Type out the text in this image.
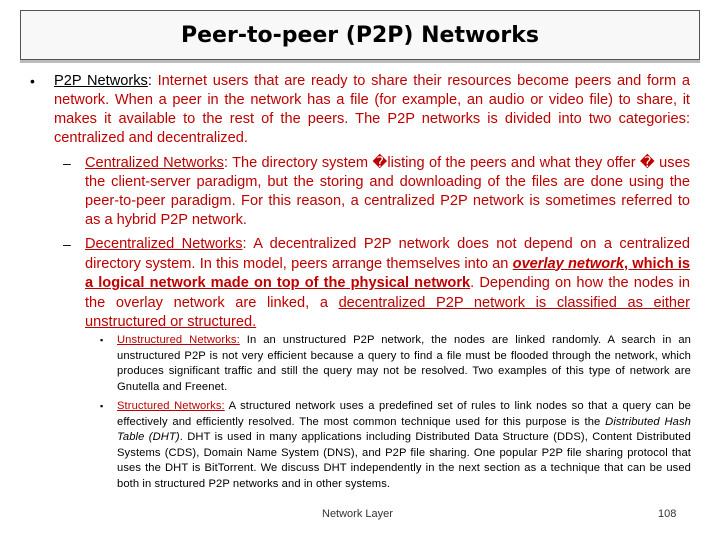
Peer-to-peer (P2P) Networks
• P2P Networks: Internet users that are ready to share their resources become peers and form a network. When a peer in the network has a file (for example, an audio or video file) to share, it makes it available to the rest of the peers. The P2P networks is divided into two categories: centralized and decentralized.
– Centralized Networks: The directory system �listing of the peers and what they offer � uses the client-server paradigm, but the storing and downloading of the files are done using the peer-to-peer paradigm. For this reason, a centralized P2P network is sometimes referred to as a hybrid P2P network.
– Decentralized Networks: A decentralized P2P network does not depend on a centralized directory system. In this model, peers arrange themselves into an overlay network, which is a logical network made on top of the physical network. Depending on how the nodes in the overlay network are linked, a decentralized P2P network is classified as either unstructured or structured.
▪ Unstructured Networks: In an unstructured P2P network, the nodes are linked randomly. A search in an unstructured P2P is not very efficient because a query to find a file must be flooded through the network, which produces significant traffic and still the query may not be resolved. Two examples of this type of network are Gnutella and Freenet.
▪ Structured Networks: A structured network uses a predefined set of rules to link nodes so that a query can be effectively and efficiently resolved. The most common technique used for this purpose is the Distributed Hash Table (DHT). DHT is used in many applications including Distributed Data Structure (DDS), Content Distributed Systems (CDS), Domain Name System (DNS), and P2P file sharing. One popular P2P file sharing protocol that uses the DHT is BitTorrent. We discuss DHT independently in the next section as a technique that can be used both in structured P2P networks and in other systems.
Network Layer	108
